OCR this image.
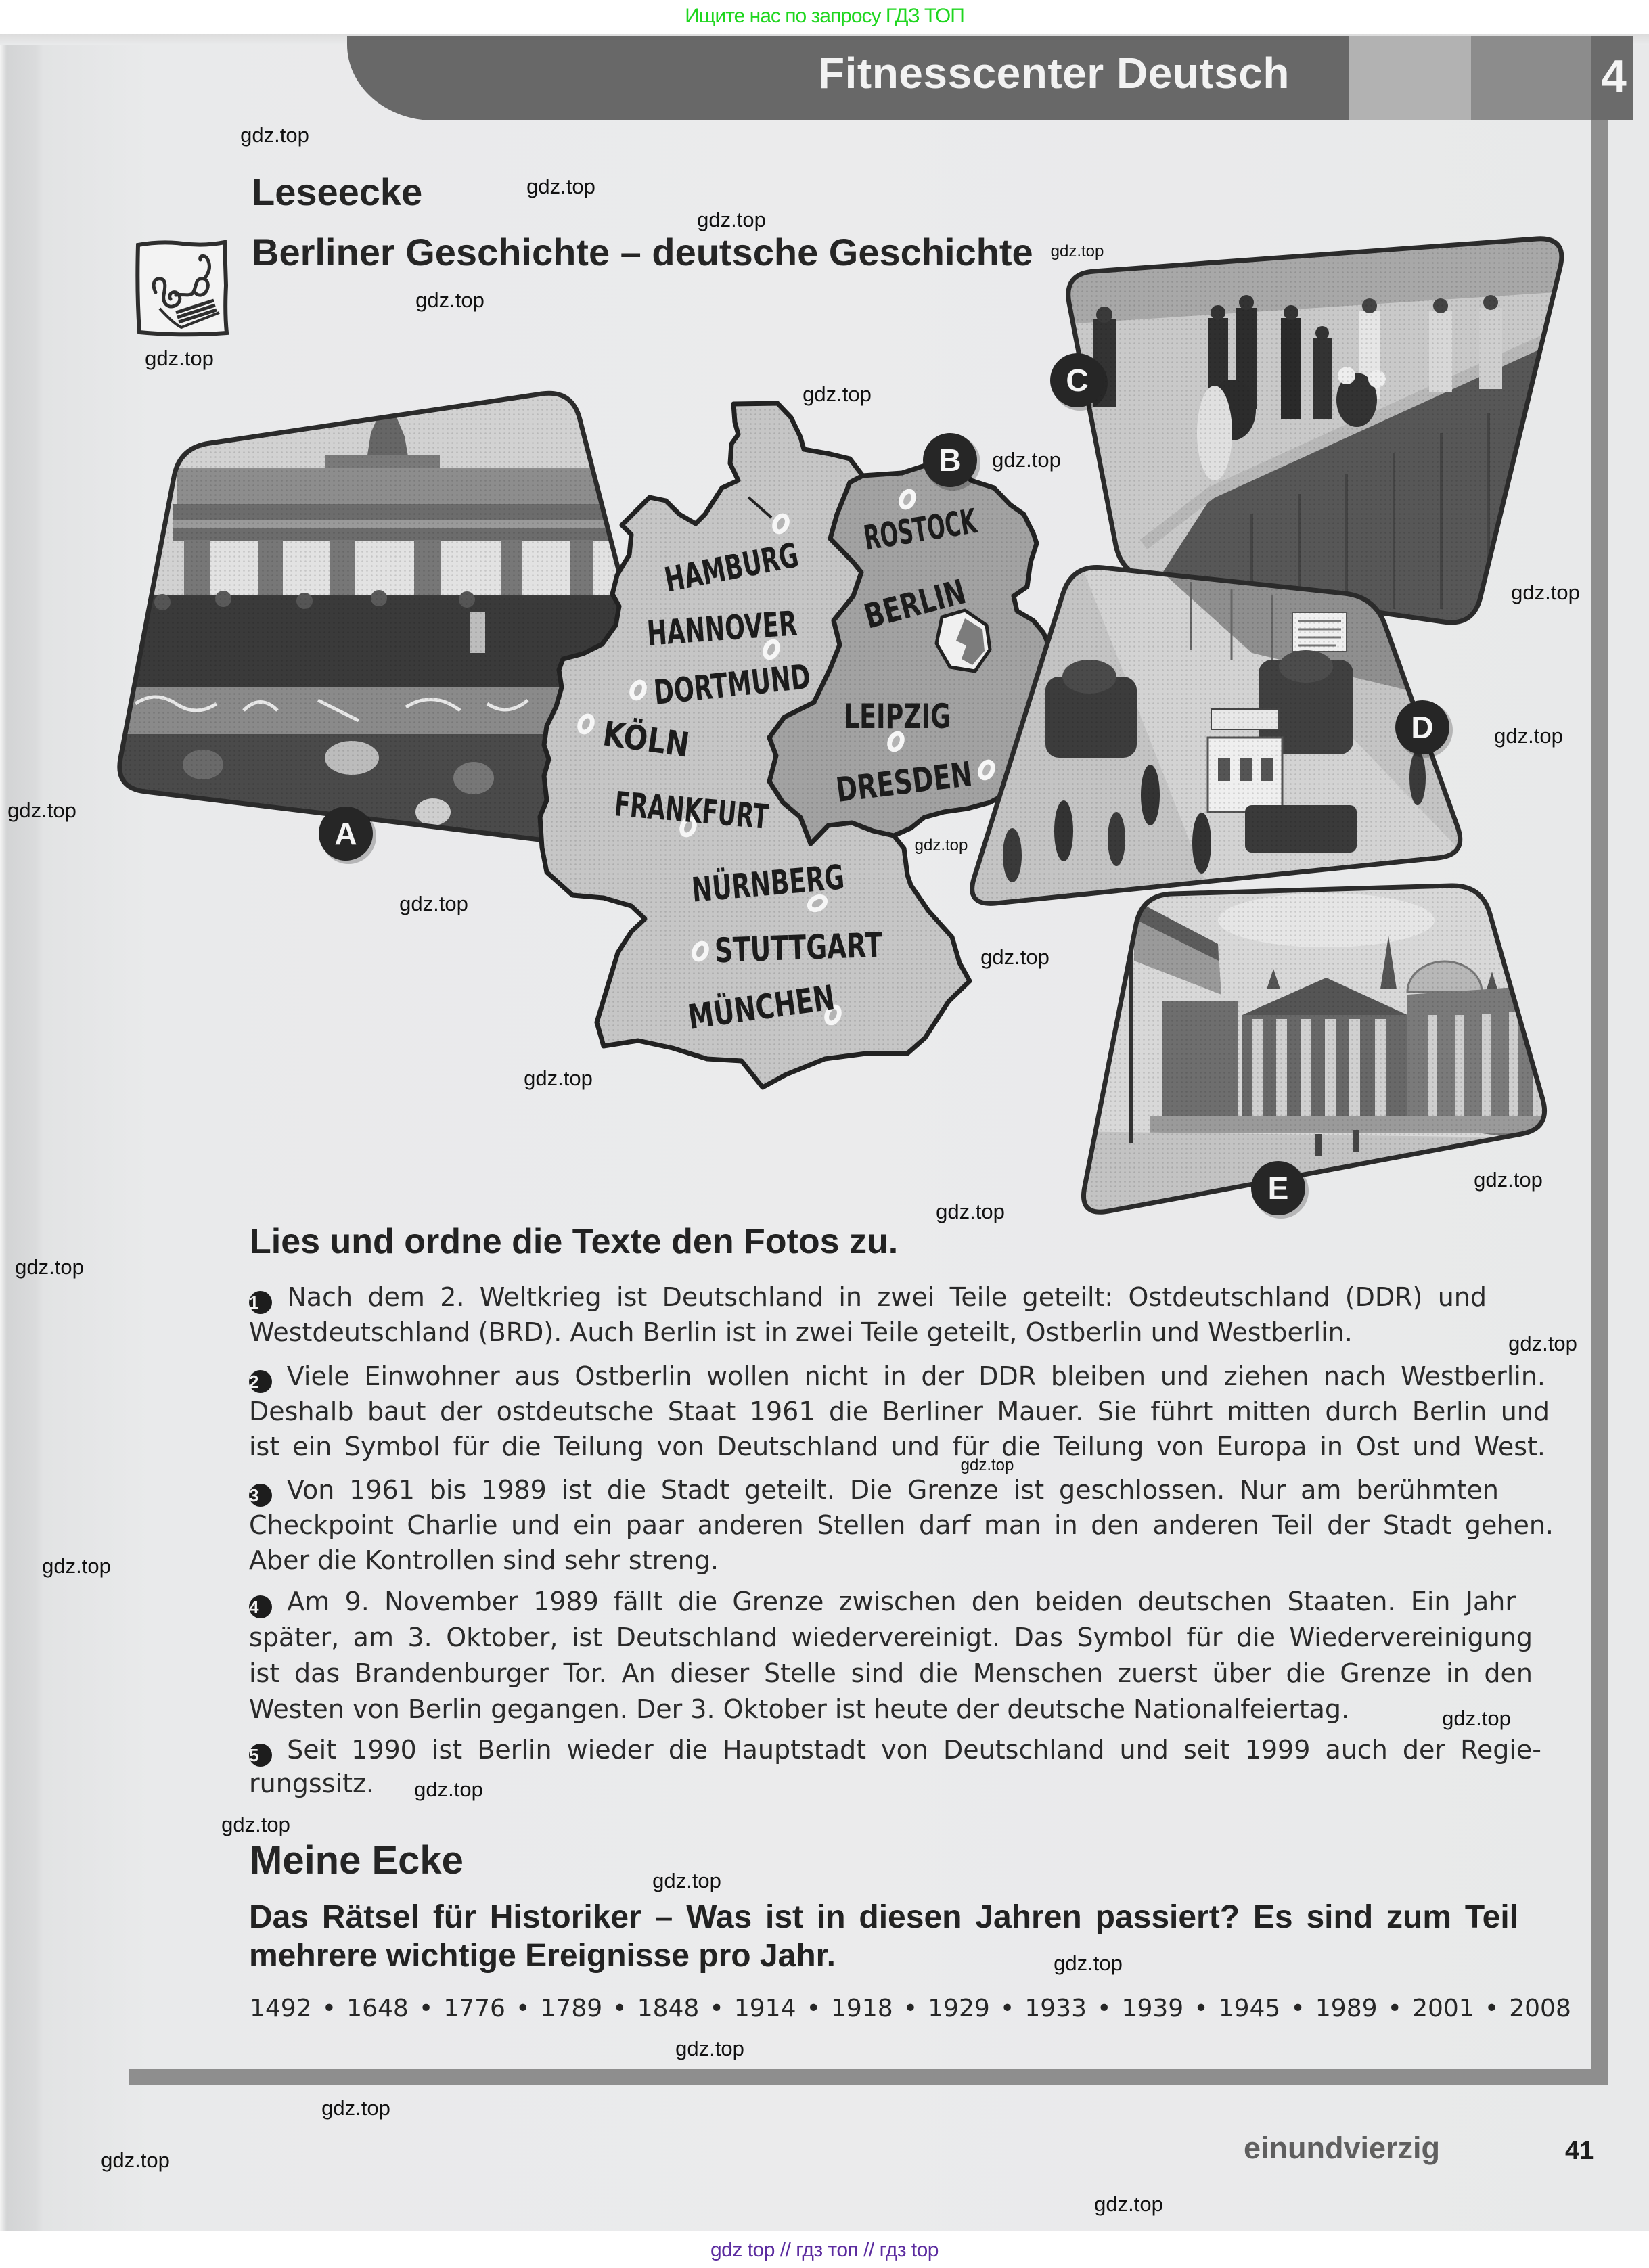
Ищите нас по запросу ГДЗ ТОП
Fitnesscenter Deutsch	4
Leseecke
Berliner Geschichte – deutsche Geschichte
HAMBURG
HANNOVER
DORTMUND
KÖLN
FRANKFURT
NÜRNBERG
STUTTGART
MÜNCHEN
ROSTOCK
BERLIN
LEIPZIG
DRESDEN
A
B
C
D
E
Lies und ordne die Texte den Fotos zu.
1 Nach dem 2. Weltkrieg ist Deutschland in zwei Teile geteilt: Ostdeutschland (DDR) und
Westdeutschland (BRD). Auch Berlin ist in zwei Teile geteilt, Ostberlin und Westberlin.
2 Viele Einwohner aus Ostberlin wollen nicht in der DDR bleiben und ziehen nach Westberlin.
Deshalb baut der ostdeutsche Staat 1961 die Berliner Mauer. Sie führt mitten durch Berlin und
ist ein Symbol für die Teilung von Deutschland und für die Teilung von Europa in Ost und West.
3 Von 1961 bis 1989 ist die Stadt geteilt. Die Grenze ist geschlossen. Nur am berühmten
Checkpoint Charlie und ein paar anderen Stellen darf man in den anderen Teil der Stadt gehen.
Aber die Kontrollen sind sehr streng.
4 Am 9. November 1989 fällt die Grenze zwischen den beiden deutschen Staaten. Ein Jahr
später, am 3. Oktober, ist Deutschland wiedervereinigt. Das Symbol für die Wiedervereinigung
ist das Brandenburger Tor. An dieser Stelle sind die Menschen zuerst über die Grenze in den
Westen von Berlin gegangen. Der 3. Oktober ist heute der deutsche Nationalfeiertag.
5 Seit 1990 ist Berlin wieder die Hauptstadt von Deutschland und seit 1999 auch der Regie-
rungssitz.
Meine Ecke
Das Rätsel für Historiker – Was ist in diesen Jahren passiert? Es sind zum Teil
mehrere wichtige Ereignisse pro Jahr.
1492 • 1648 • 1776 • 1789 • 1848 • 1914 • 1918 • 1929 • 1933 • 1939 • 1945 • 1989 • 2001 • 2008
einundvierzig	41
gdz top // гдз топ // гдз top
gdz.top
gdz.top
gdz.top
gdz.top
gdz.top
gdz.top
gdz.top
gdz.top
gdz.top
gdz.top
gdz.top
gdz.top
gdz.top
gdz.top
gdz.top
gdz.top
gdz.top
gdz.top
gdz.top
gdz.top
gdz.top
gdz.top
gdz.top
gdz.top
gdz.top
gdz.top
gdz.top
gdz.top
gdz.top
gdz.top
